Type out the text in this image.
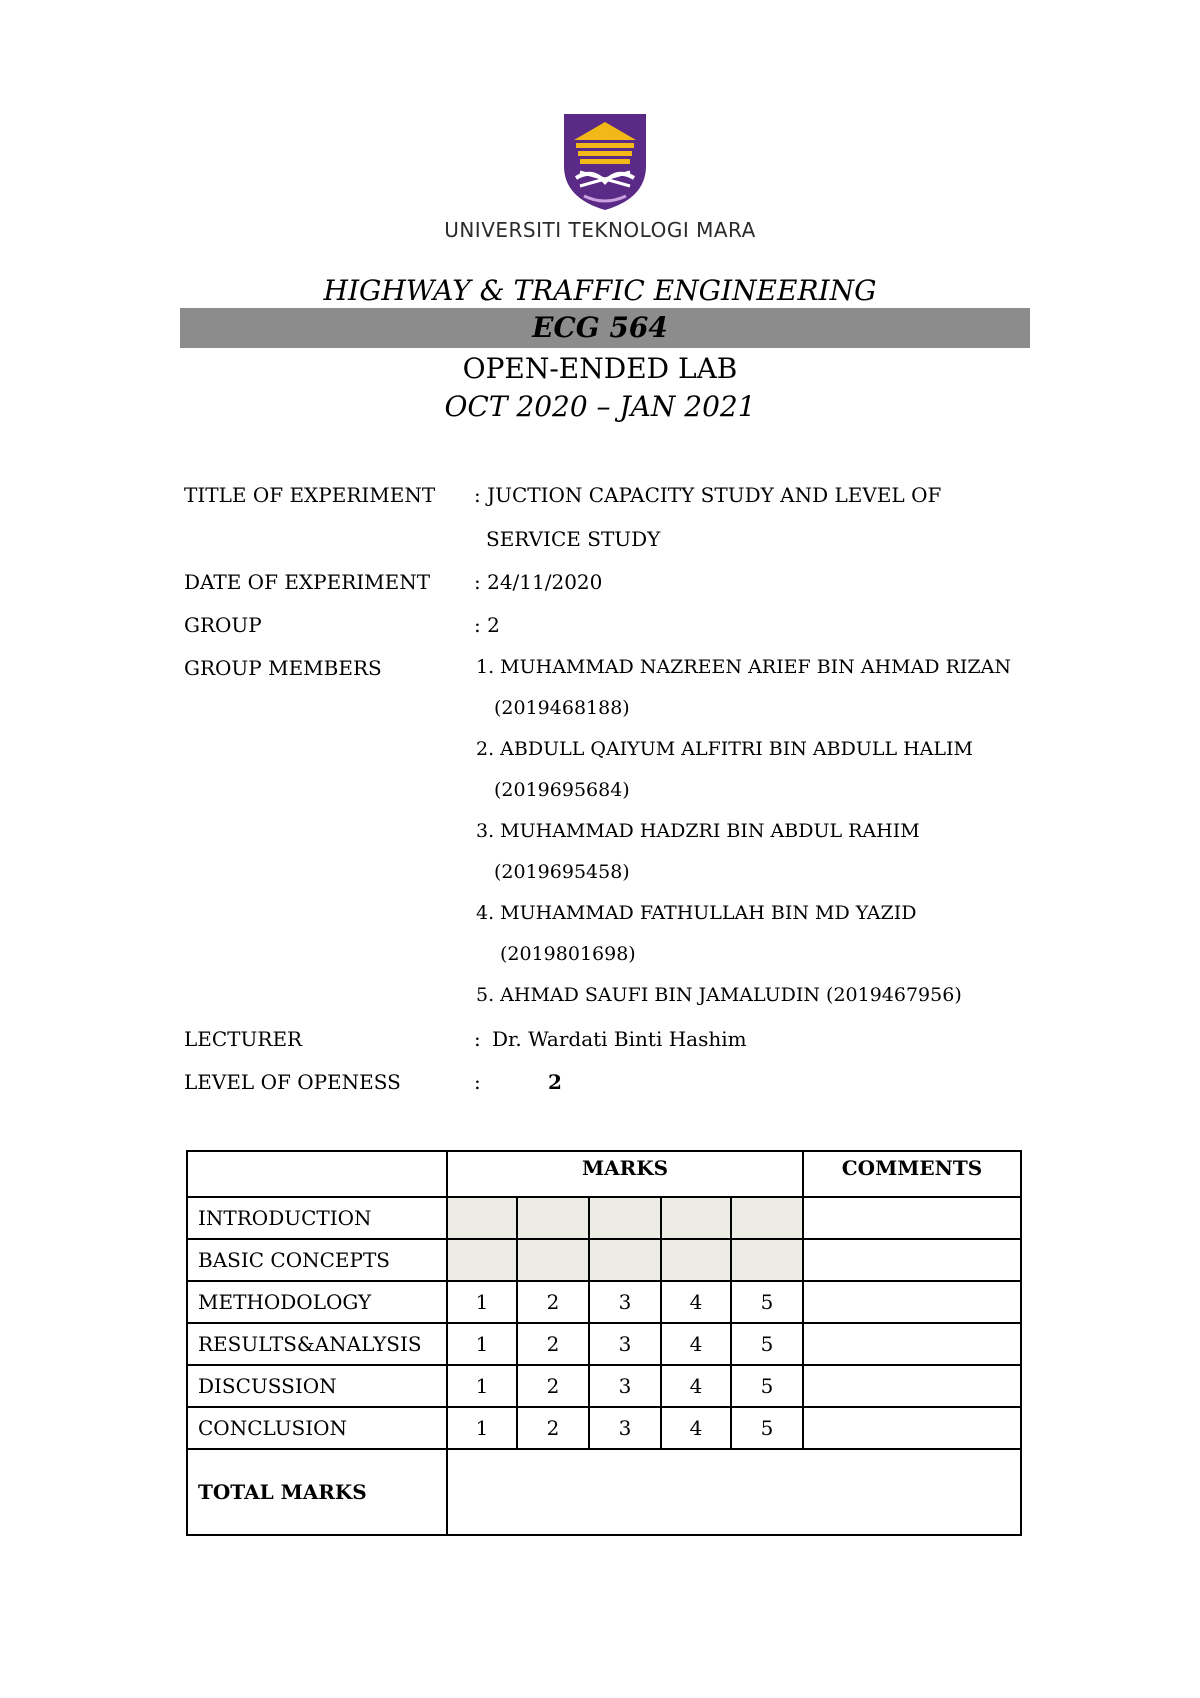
UNIVERSITI TEKNOLOGI MARA
HIGHWAY & TRAFFIC ENGINEERING
ECG 564
OPEN-ENDED LAB
OCT 2020 – JAN 2021
TITLE OF EXPERIMENT : JUCTION CAPACITY STUDY AND LEVEL OF
SERVICE STUDY
DATE OF EXPERIMENT : 24/11/2020
GROUP	: 2
GROUP MEMBERS	1. MUHAMMAD NAZREEN ARIEF BIN AHMAD RIZAN
(2019468188)
2. ABDULL QAIYUM ALFITRI BIN ABDULL HALIM
(2019695684)
3. MUHAMMAD HADZRI BIN ABDUL RAHIM
(2019695458)
4. MUHAMMAD FATHULLAH BIN MD YAZID
(2019801698)
5. AHMAD SAUFI BIN JAMALUDIN (2019467956)
LECTURER	: Dr. Wardati Binti Hashim
LEVEL OF OPENESS	:	2
	MARKS					COMMENTS
INTRODUCTION						
BASIC CONCEPTS						
METHODOLOGY	1	2	3	4	5	
RESULTS&ANALYSIS	1	2	3	4	5	
DISCUSSION	1	2	3	4	5	
CONCLUSION	1	2	3	4	5	
TOTAL MARKS						
